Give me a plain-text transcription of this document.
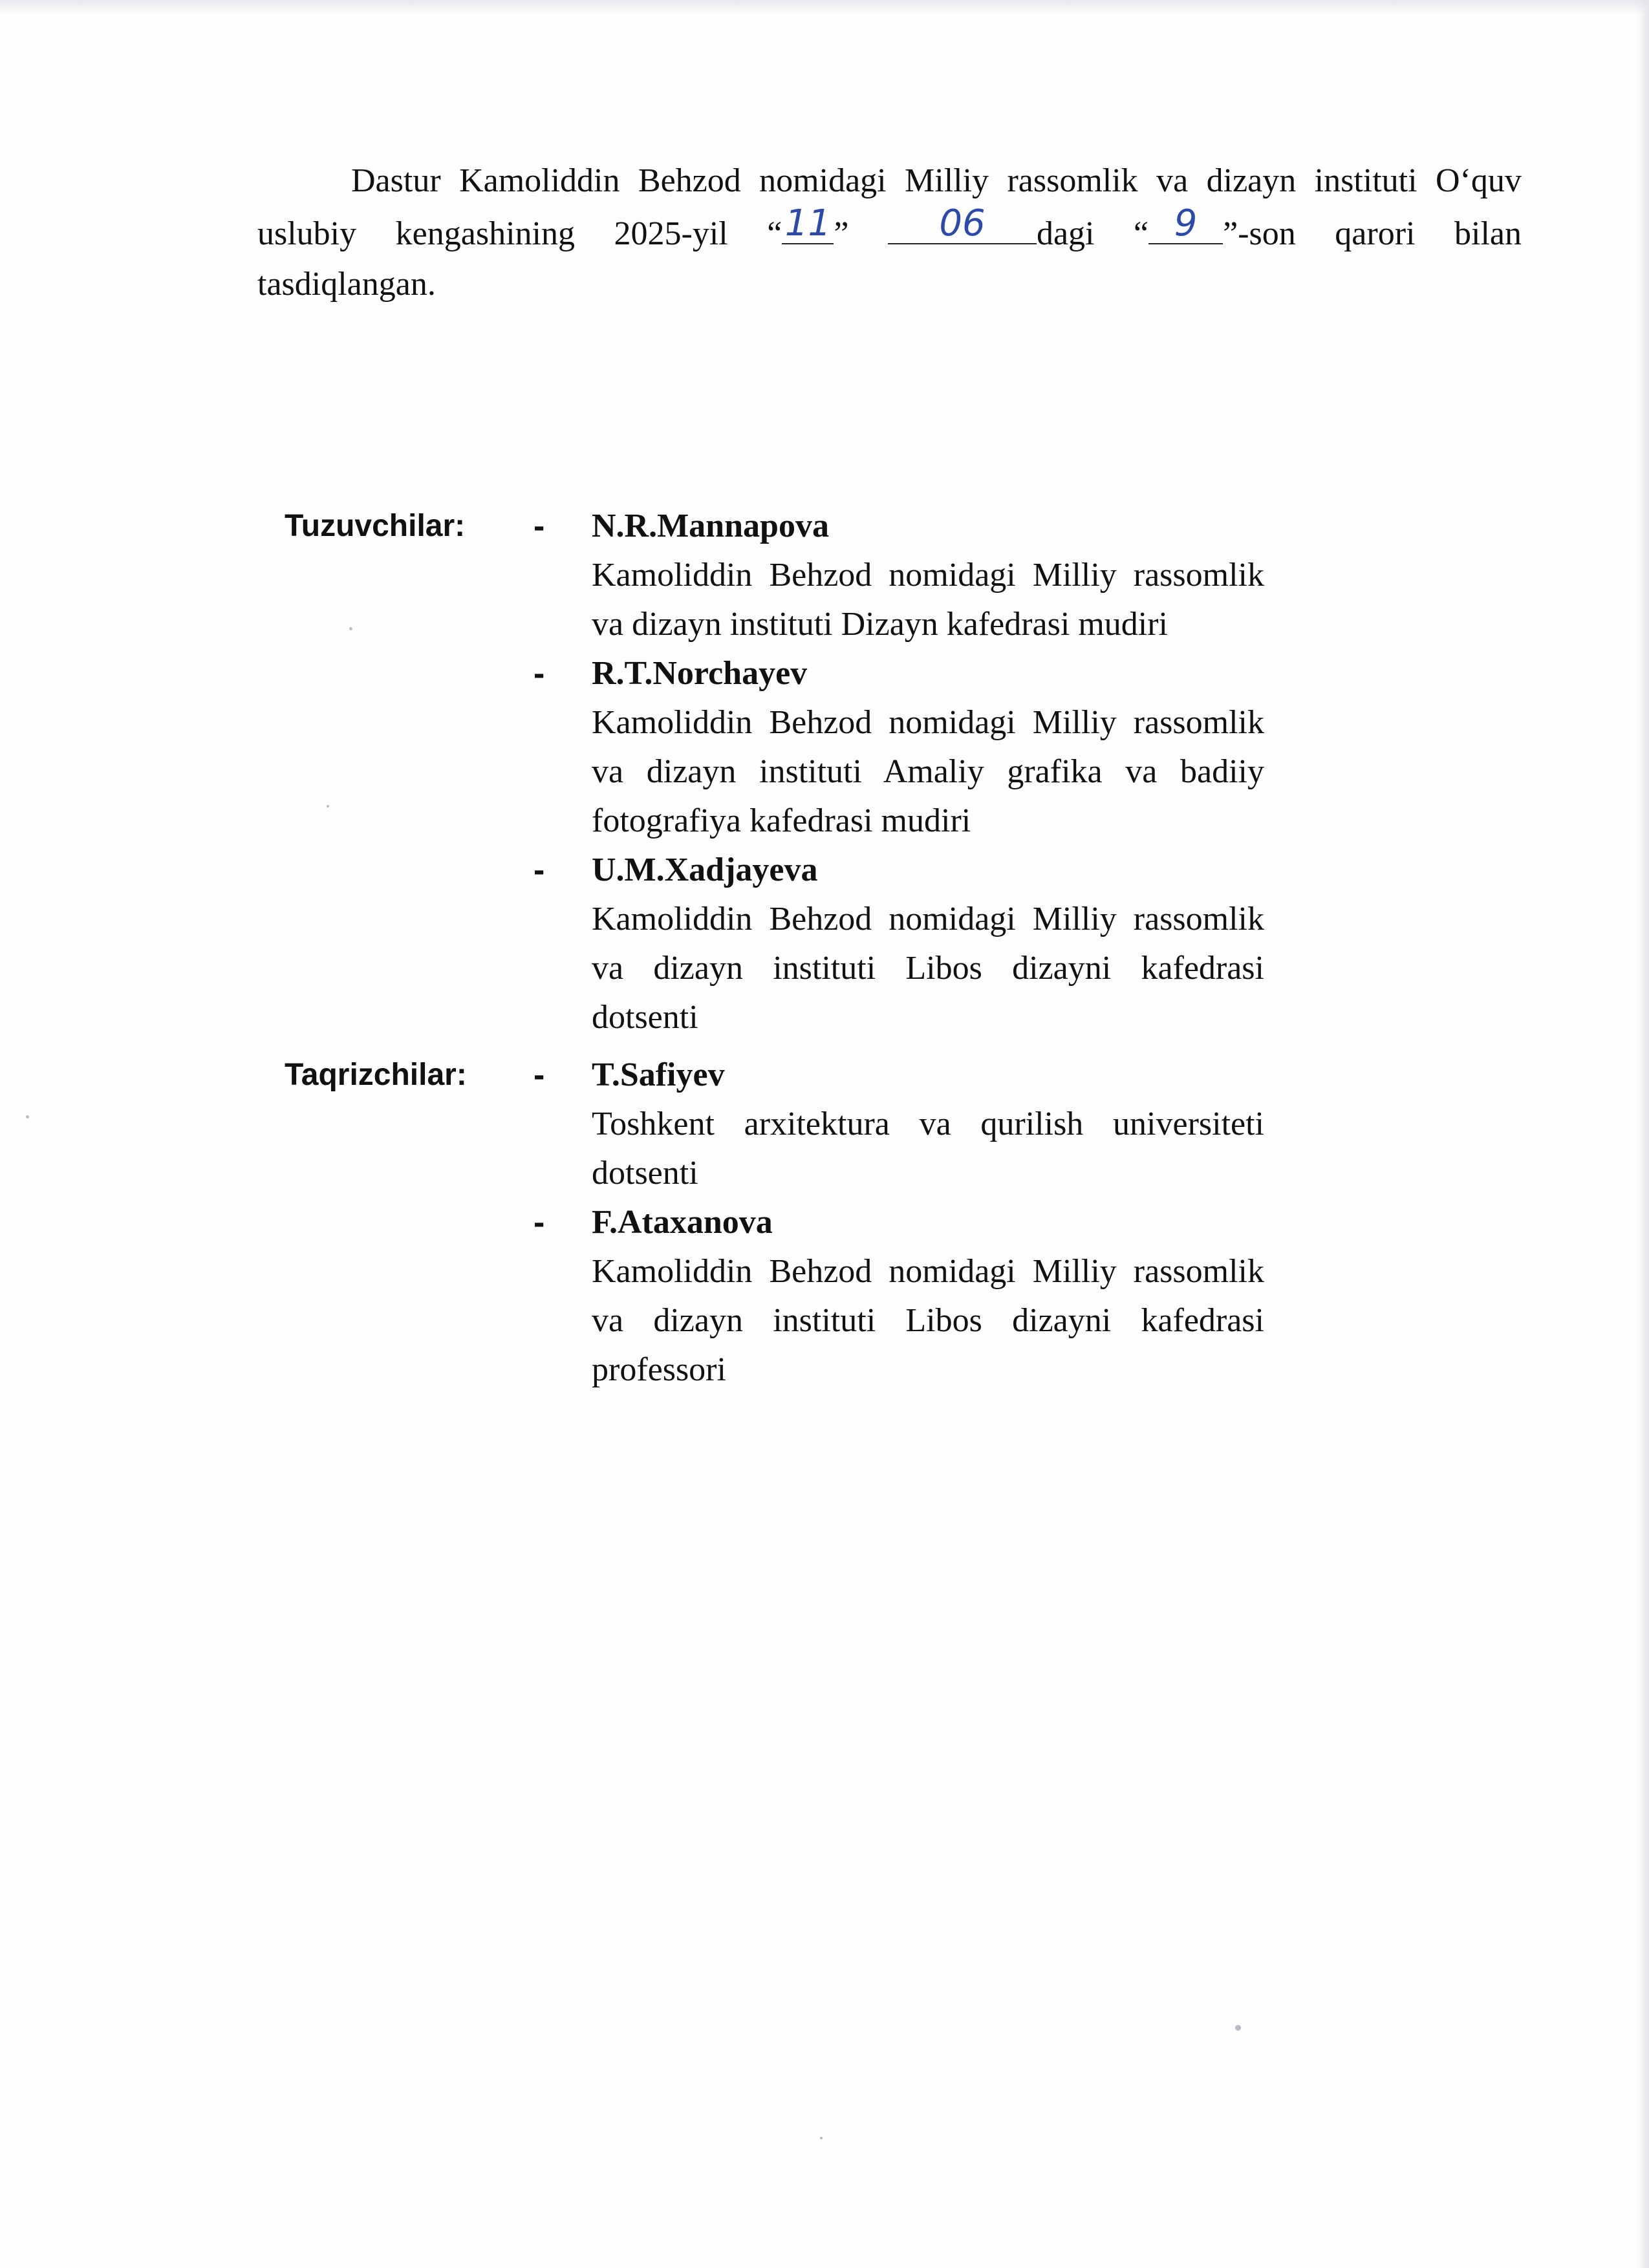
Dastur Kamoliddin Behzod nomidagi Milliy rassomlik va dizayn instituti O‘quv
uslubiy kengashining 2025-yil “11”	06 dagi “ 9 ”-son qarori bilan
tasdiqlangan.
Tuzuvchilar: - N.R.Mannapova
Kamoliddin Behzod nomidagi Milliy rassomlik va dizayn instituti Dizayn kafedrasi mudiri
- R.T.Norchayev
Kamoliddin Behzod nomidagi Milliy rassomlik va dizayn instituti Amaliy grafika va badiiy fotografiya kafedrasi mudiri
- U.M.Xadjayeva
Kamoliddin Behzod nomidagi Milliy rassomlik va dizayn instituti Libos dizayni kafedrasi dotsenti
Taqrizchilar: - T.Safiyev
Toshkent arxitektura va qurilish universiteti dotsenti
- F.Ataxanova
Kamoliddin Behzod nomidagi Milliy rassomlik va dizayn instituti Libos dizayni kafedrasi professori
